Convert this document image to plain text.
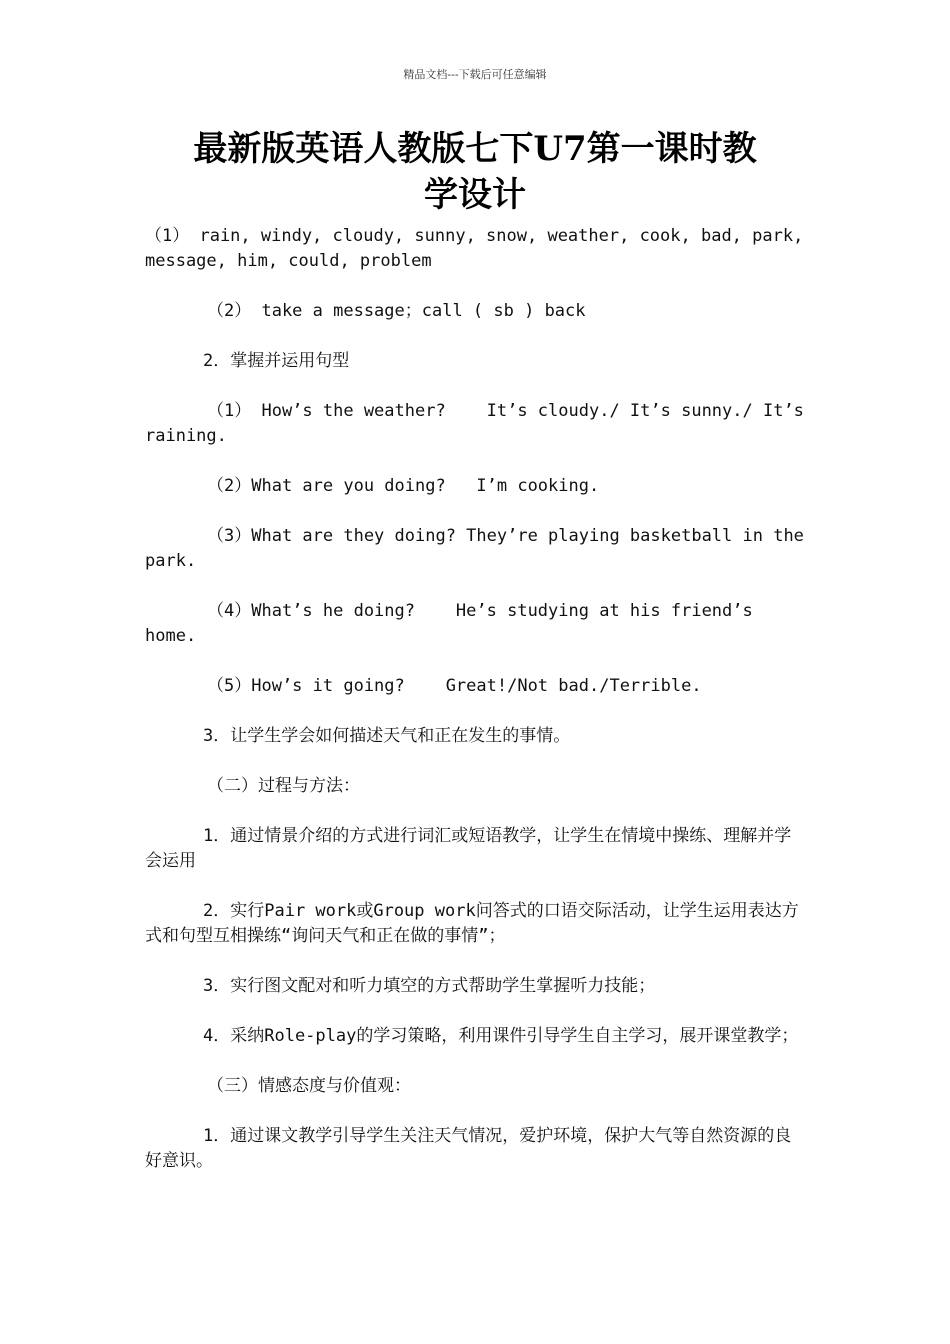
精品文档---下载后可任意编辑
最新版英语人教版七下U7第一课时教
学设计

（1） rain, windy, cloudy, sunny, snow, weather, cook, bad, park, message, him, could, problem

（2） take a message；call ( sb ) back

2．掌握并运用句型

（1） How’s the weather?    It’s cloudy./ It’s sunny./ It’s raining.

（2）What are you doing?   I’m cooking.

（3）What are they doing? They’re playing basketball in the park.

（4）What’s he doing?    He’s studying at his friend’s home.

（5）How’s it going?    Great!/Not bad./Terrible.

3．让学生学会如何描述天气和正在发生的事情。

（二）过程与方法：

1．通过情景介绍的方式进行词汇或短语教学，让学生在情境中操练、理解并学会运用

2．实行Pair work或Group work问答式的口语交际活动，让学生运用表达方式和句型互相操练“询问天气和正在做的事情”；

3．实行图文配对和听力填空的方式帮助学生掌握听力技能；

4．采纳Role-play的学习策略，利用课件引导学生自主学习，展开课堂教学；

（三）情感态度与价值观：

1．通过课文教学引导学生关注天气情况，爱护环境，保护大气等自然资源的良好意识。
